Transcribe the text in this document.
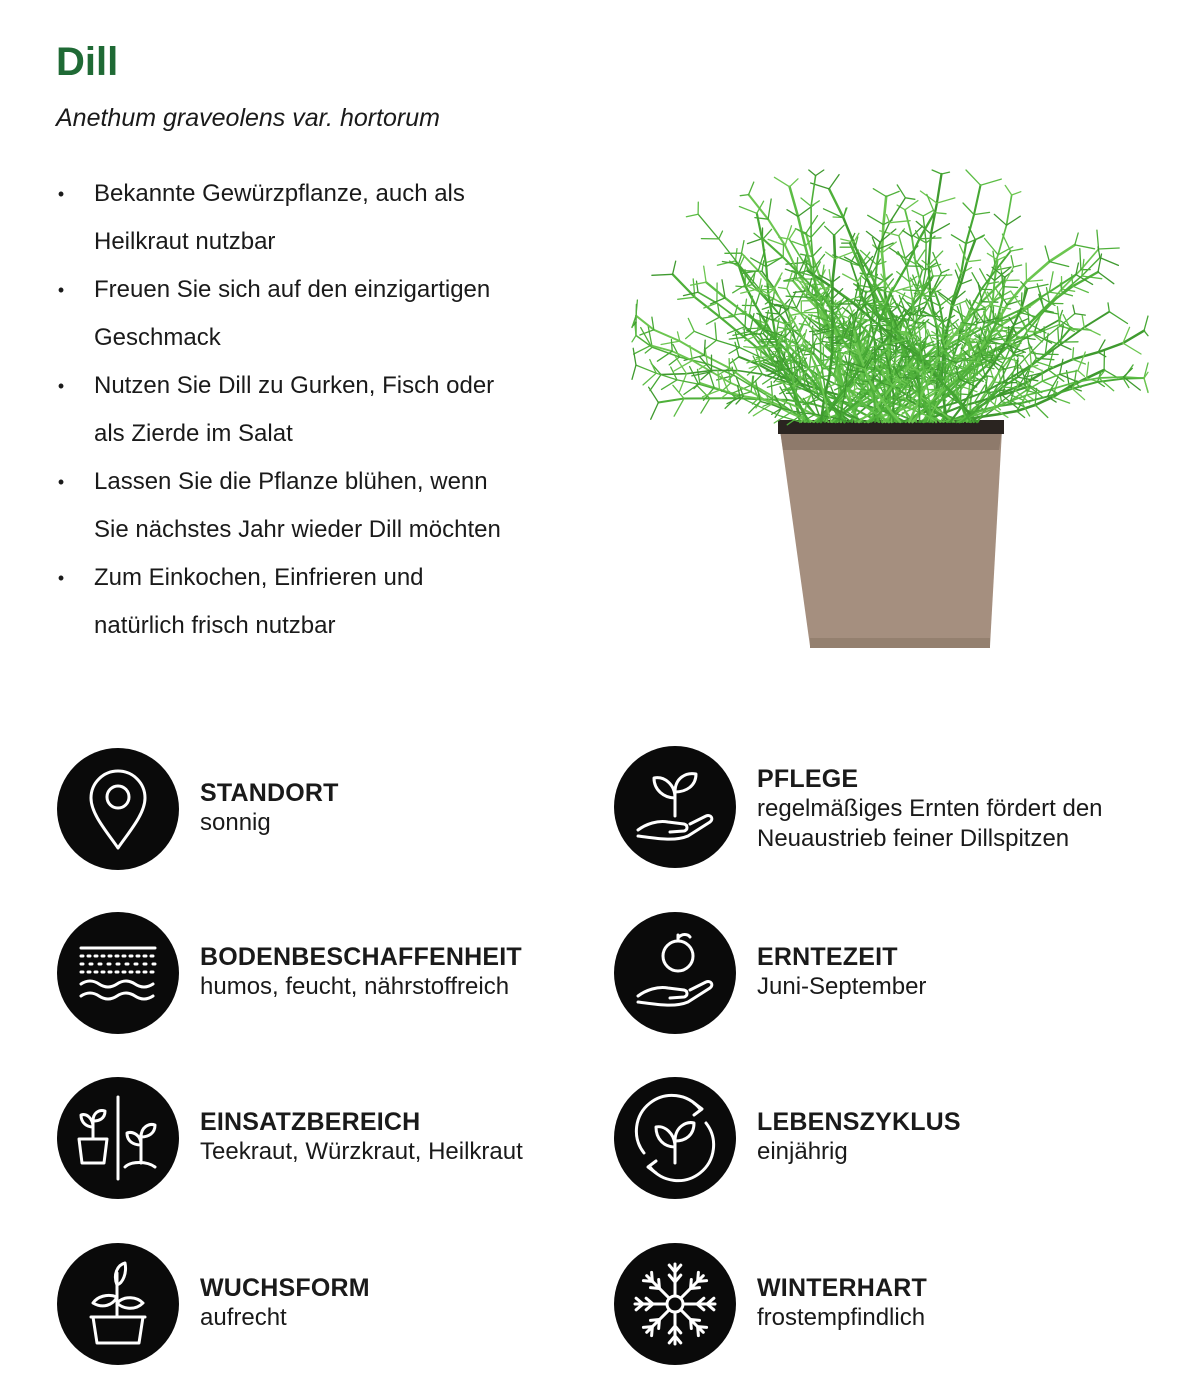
Dill
Anethum graveolens var. hortorum
• Bekannte Gewürzpflanze, auch als
Heilkraut nutzbar
• Freuen Sie sich auf den einzigartigen
Geschmack
• Nutzen Sie Dill zu Gurken, Fisch oder
als Zierde im Salat
• Lassen Sie die Pflanze blühen, wenn
Sie nächstes Jahr wieder Dill möchten
• Zum Einkochen, Einfrieren und
natürlich frisch nutzbar
STANDORT
sonnig
PFLEGE
regelmäßiges Ernten fördert den
Neuaustrieb feiner Dillspitzen
BODENBESCHAFFENHEIT
humos, feucht, nährstoffreich
ERNTEZEIT
Juni-September
EINSATZBEREICH
Teekraut, Würzkraut, Heilkraut
LEBENSZYKLUS
einjährig
WUCHSFORM
aufrecht
WINTERHART
frostempfindlich
